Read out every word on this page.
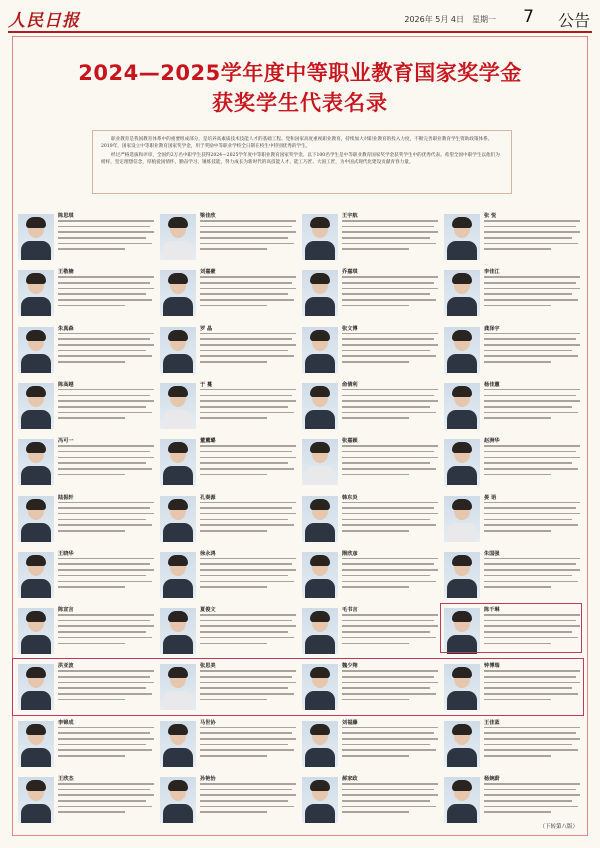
人民日报	2026年 5月 4日　星期一 7 公告
2024—2025学年度中等职业教育国家奖学金
获奖学生代表名录

职业教育是我国教育体系中的重要组成部分，是培养高素质技术技能人才的基础工程。党和国家高度重视职业教育，持续加大对职业教育的投入力度，不断完善职业教育学生资助政策体系。2019年，国家设立中等职业教育国家奖学金，用于奖励中等职业学校全日制在校生中特别优秀的学生。

经过严格选拔和评审，全国约2万名中职学生获得2024—2025学年度中等职业教育国家奖学金。以下100名学生是中等职业教育国家奖学金获奖学生中的优秀代表。希望全国中职学生以他们为榜样，坚定理想信念，厚植爱国情怀，勤奋学习，锤炼技能，努力成长为新时代的高技能人才、能工巧匠、大国工匠，为中国式现代化建设贡献青春力量。

陈思琪	梁佳欣	王宇航	张 悦
王敬楠	刘嘉豪	乔嘉琪	李佳江
朱真森	罗 晶	张文博	龚泽宇
陈高越	于 蔓	俞倩利	杨佳蕙
冯可一	董薰璐	张嘉颖	赵湃华
陆振轩	孔奏源	韩东炎	晏 语
王晓华	徐永鸿	隋欣彦	朱国强
陈宣言	夏俊文	毛书言	陈千琳
洪亚波	张思美	魏少翔	钟博瑞
李锦成	马世协	刘福藤	王佳蓝
王欣杰	孙艳怡	郝家政	杨婉蔚
（下转第八版）
